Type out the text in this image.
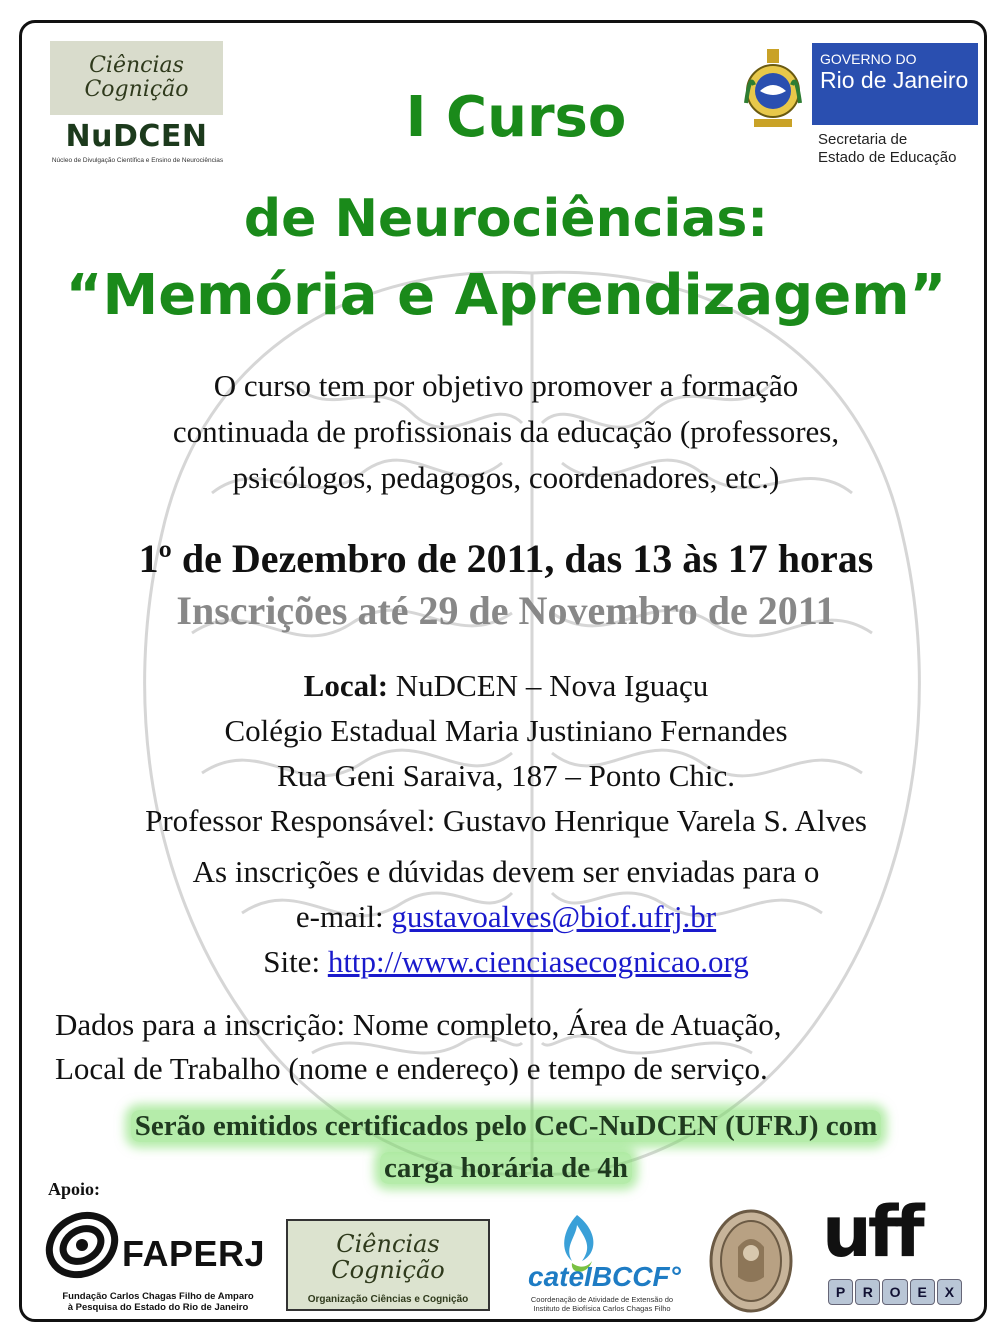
Ciências
Cognição
NuDCEN
Núcleo de Divulgação Científica e Ensino de Neurociências
GOVERNO DO
Rio de Janeiro
Secretaria de
Estado de Educação
I Curso
de Neurociências:
“Memória e Aprendizagem”
O curso tem por objetivo promover a formação
continuada de profissionais da educação (professores,
psicólogos, pedagogos, coordenadores, etc.)
1º de Dezembro de 2011, das 13 às 17 horas
Inscrições até 29 de Novembro de 2011
Local: NuDCEN – Nova Iguaçu
Colégio Estadual Maria Justiniano Fernandes
Rua Geni Saraiva, 187 – Ponto Chic.
Professor Responsável: Gustavo Henrique Varela S. Alves
As inscrições e dúvidas devem ser enviadas para o
e-mail: gustavoalves@biof.ufrj.br
Site: http://www.cienciasecognicao.org
Dados para a inscrição: Nome completo, Área de Atuação,
Local de Trabalho (nome e endereço) e tempo de serviço.
Serão emitidos certificados pelo CeC-NuDCEN (UFRJ) com
carga horária de 4h
Apoio:
FAPERJ
Fundação Carlos Chagas Filho de Amparo
à Pesquisa do Estado do Rio de Janeiro
Ciências
Cognição
Organização Ciências e Cognição
cateIBCCF°
Coordenação de Atividade de Extensão do
Instituto de Biofísica Carlos Chagas Filho
uff
P	R	O	E	X
